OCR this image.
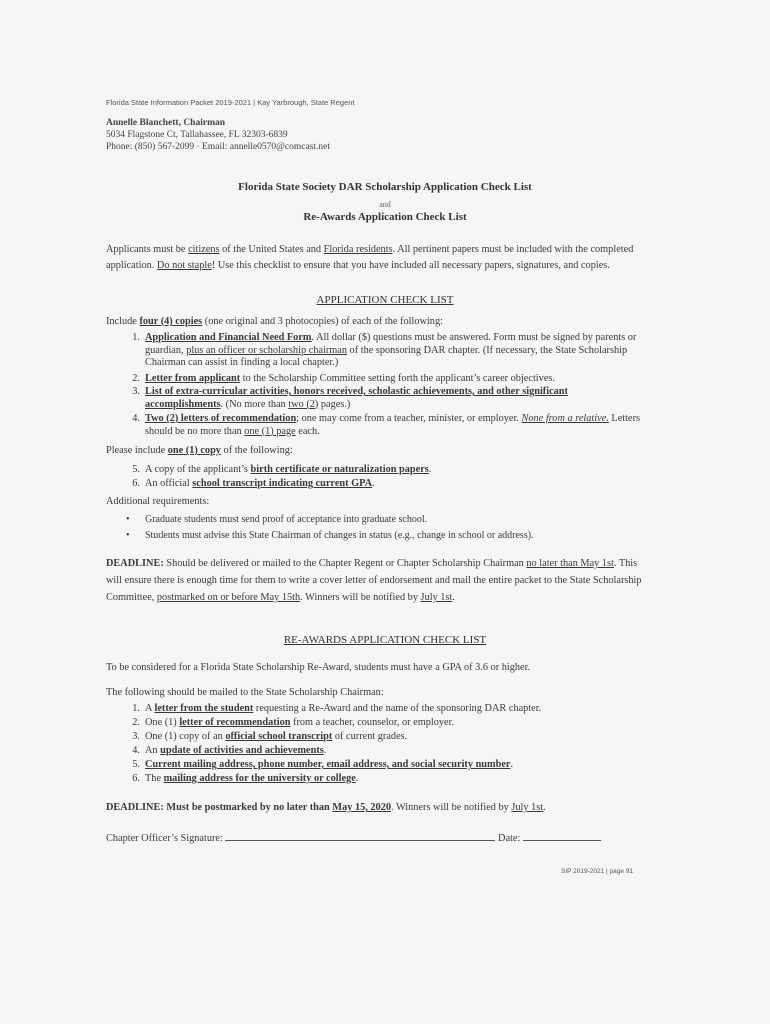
Florida State Information Packet 2019-2021 | Kay Yarbrough, State Regent
Annelle Blanchett, Chairman
5034 Flagstone Ct, Tallahassee, FL 32303-6839
Phone: (850) 567-2099 · Email: annelle0570@comcast.net
Florida State Society DAR Scholarship Application Check List
and
Re-Awards Application Check List
Applicants must be citizens of the United States and Florida residents. All pertinent papers must be included with the completed application. Do not staple! Use this checklist to ensure that you have included all necessary papers, signatures, and copies.
APPLICATION CHECK LIST
Include four (4) copies (one original and 3 photocopies) of each of the following:
1. Application and Financial Need Form. All dollar ($) questions must be answered. Form must be signed by parents or guardian, plus an officer or scholarship chairman of the sponsoring DAR chapter. (If necessary, the State Scholarship Chairman can assist in finding a local chapter.)
2. Letter from applicant to the Scholarship Committee setting forth the applicant’s career objectives.
3. List of extra-curricular activities, honors received, scholastic achievements, and other significant accomplishments. (No more than two (2) pages.)
4. Two (2) letters of recommendation; one may come from a teacher, minister, or employer. None from a relative. Letters should be no more than one (1) page each.
Please include one (1) copy of the following:
5. A copy of the applicant’s birth certificate or naturalization papers.
6. An official school transcript indicating current GPA.
Additional requirements:
• Graduate students must send proof of acceptance into graduate school.
• Students must advise this State Chairman of changes in status (e.g., change in school or address).
DEADLINE: Should be delivered or mailed to the Chapter Regent or Chapter Scholarship Chairman no later than May 1st. This will ensure there is enough time for them to write a cover letter of endorsement and mail the entire packet to the State Scholarship Committee, postmarked on or before May 15th. Winners will be notified by July 1st.
RE-AWARDS APPLICATION CHECK LIST
To be considered for a Florida State Scholarship Re-Award, students must have a GPA of 3.6 or higher.
The following should be mailed to the State Scholarship Chairman:
1. A letter from the student requesting a Re-Award and the name of the sponsoring DAR chapter.
2. One (1) letter of recommendation from a teacher, counselor, or employer.
3. One (1) copy of an official school transcript of current grades.
4. An update of activities and achievements.
5. Current mailing address, phone number, email address, and social security number.
6. The mailing address for the university or college.
DEADLINE: Must be postmarked by no later than May 15, 2020. Winners will be notified by July 1st.
Chapter Officer’s Signature:	Date:
SIP 2019-2021 | page 91
